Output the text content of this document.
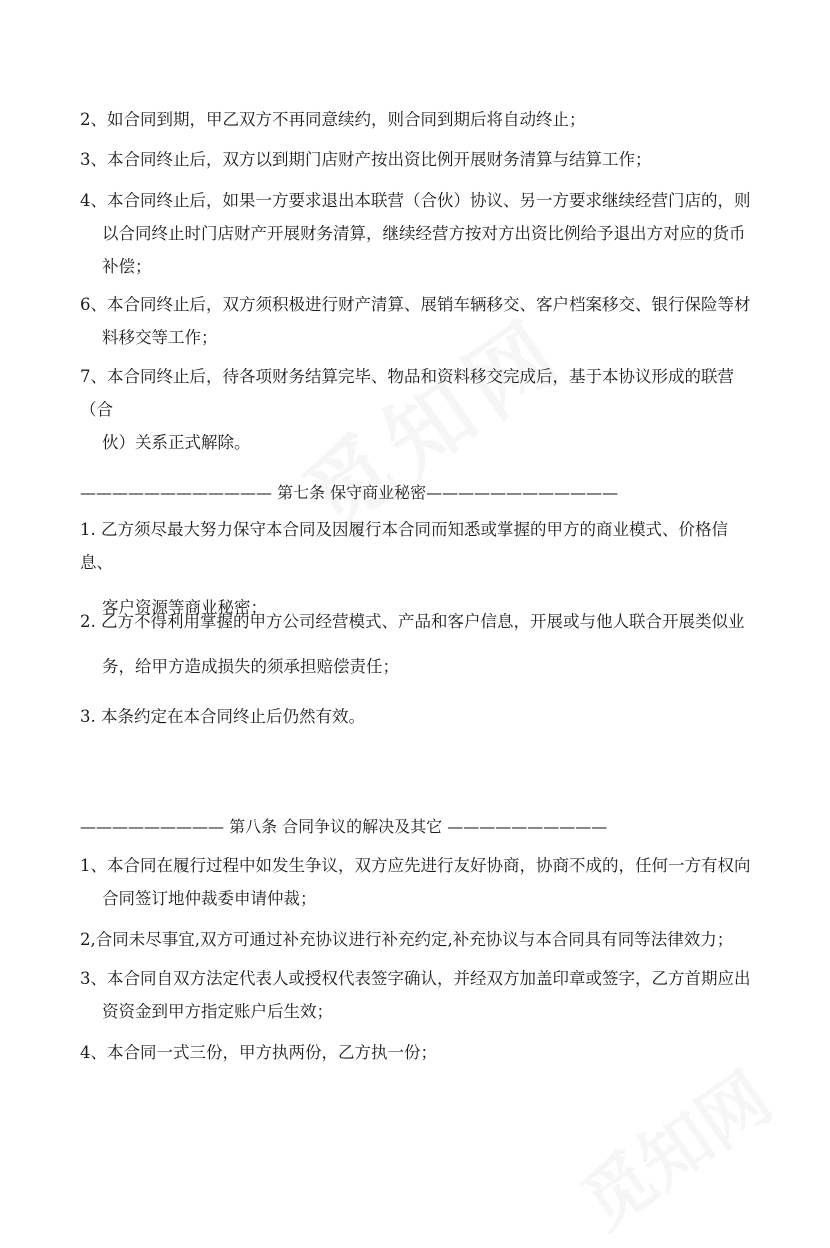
2、如合同到期，甲乙双方不再同意续约，则合同到期后将自动终止；
3、本合同终止后，双方以到期门店财产按出资比例开展财务清算与结算工作；
4、本合同终止后，如果一方要求退出本联营（合伙）协议、另一方要求继续经营门店的，则
以合同终止时门店财产开展财务清算，继续经营方按对方出资比例给予退出方对应的货币
补偿；
6、本合同终止后，双方须积极进行财产清算、展销车辆移交、客户档案移交、银行保险等材
料移交等工作；
7、本合同终止后，待各项财务结算完毕、物品和资料移交完成后，基于本协议形成的联营（合
伙）关系正式解除。
———————————— 第七条 保守商业秘密————————————
1. 乙方须尽最大努力保守本合同及因履行本合同而知悉或掌握的甲方的商业模式、价格信息、
客户资源等商业秘密；
2. 乙方不得利用掌握的甲方公司经营模式、产品和客户信息，开展或与他人联合开展类似业
务，给甲方造成损失的须承担赔偿责任；
3. 本条约定在本合同终止后仍然有效。
————————— 第八条 合同争议的解决及其它 ——————————
1、本合同在履行过程中如发生争议，双方应先进行友好协商，协商不成的，任何一方有权向
合同签订地仲裁委申请仲裁；
2,合同未尽事宜,双方可通过补充协议进行补充约定,补充协议与本合同具有同等法律效力；
3、本合同自双方法定代表人或授权代表签字确认，并经双方加盖印章或签字，乙方首期应出
资资金到甲方指定账户后生效；
4、本合同一式三份，甲方执两份，乙方执一份；
